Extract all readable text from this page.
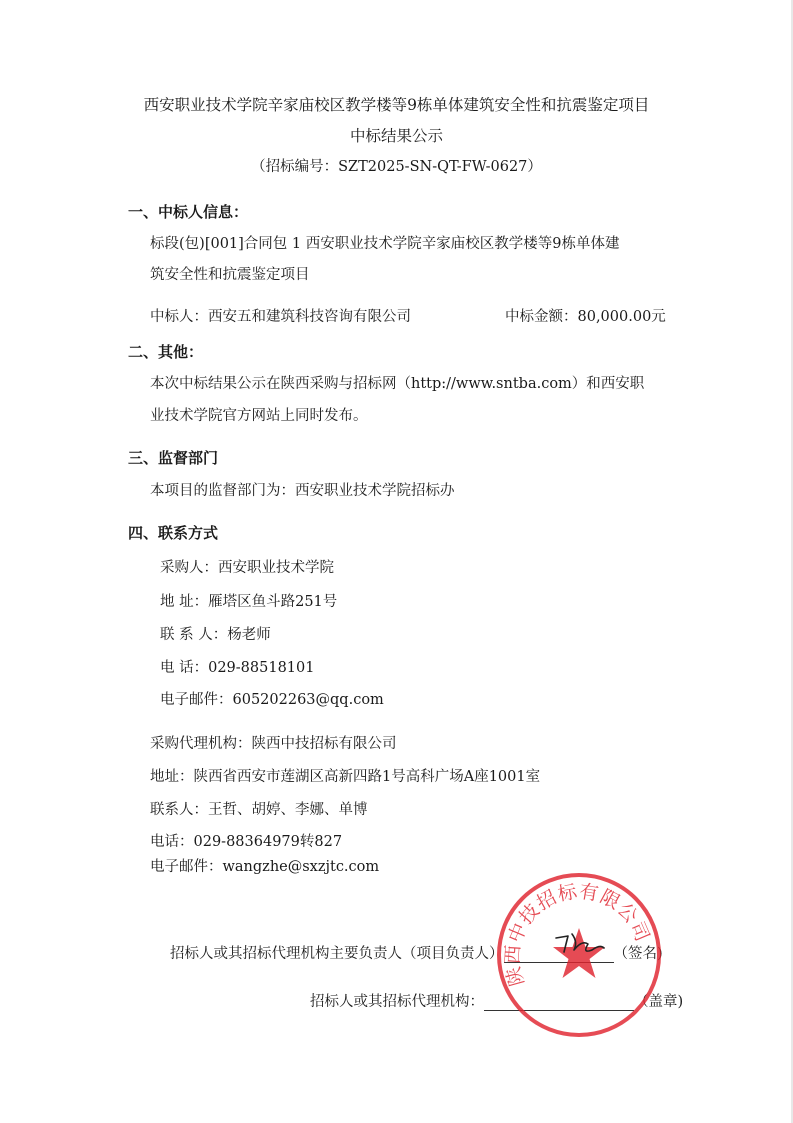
西安职业技术学院辛家庙校区教学楼等9栋单体建筑安全性和抗震鉴定项目
中标结果公示
（招标编号：SZT2025-SN-QT-FW-0627）
一、中标人信息：
标段(包)[001]合同包 1 西安职业技术学院辛家庙校区教学楼等9栋单体建
筑安全性和抗震鉴定项目
中标人：西安五和建筑科技咨询有限公司	中标金额：80,000.00元
二、其他：
本次中标结果公示在陕西采购与招标网（http://www.sntba.com）和西安职
业技术学院官方网站上同时发布。
三、监督部门
本项目的监督部门为：西安职业技术学院招标办
四、联系方式
采购人：西安职业技术学院
地 址：雁塔区鱼斗路251号
联 系 人：杨老师
电 话：029-88518101
电子邮件：605202263@qq.com
采购代理机构：陕西中技招标有限公司
地址：陕西省西安市莲湖区高新四路1号高科广场A座1001室
联系人：王哲、胡婷、李娜、单博
电话：029-88364979转827
电子邮件：wangzhe@sxzjtc.com
招标人或其招标代理机构主要负责人（项目负责人）	（签名)
招标人或其招标代理机构：	（盖章)
陕西中技招标有限公司
